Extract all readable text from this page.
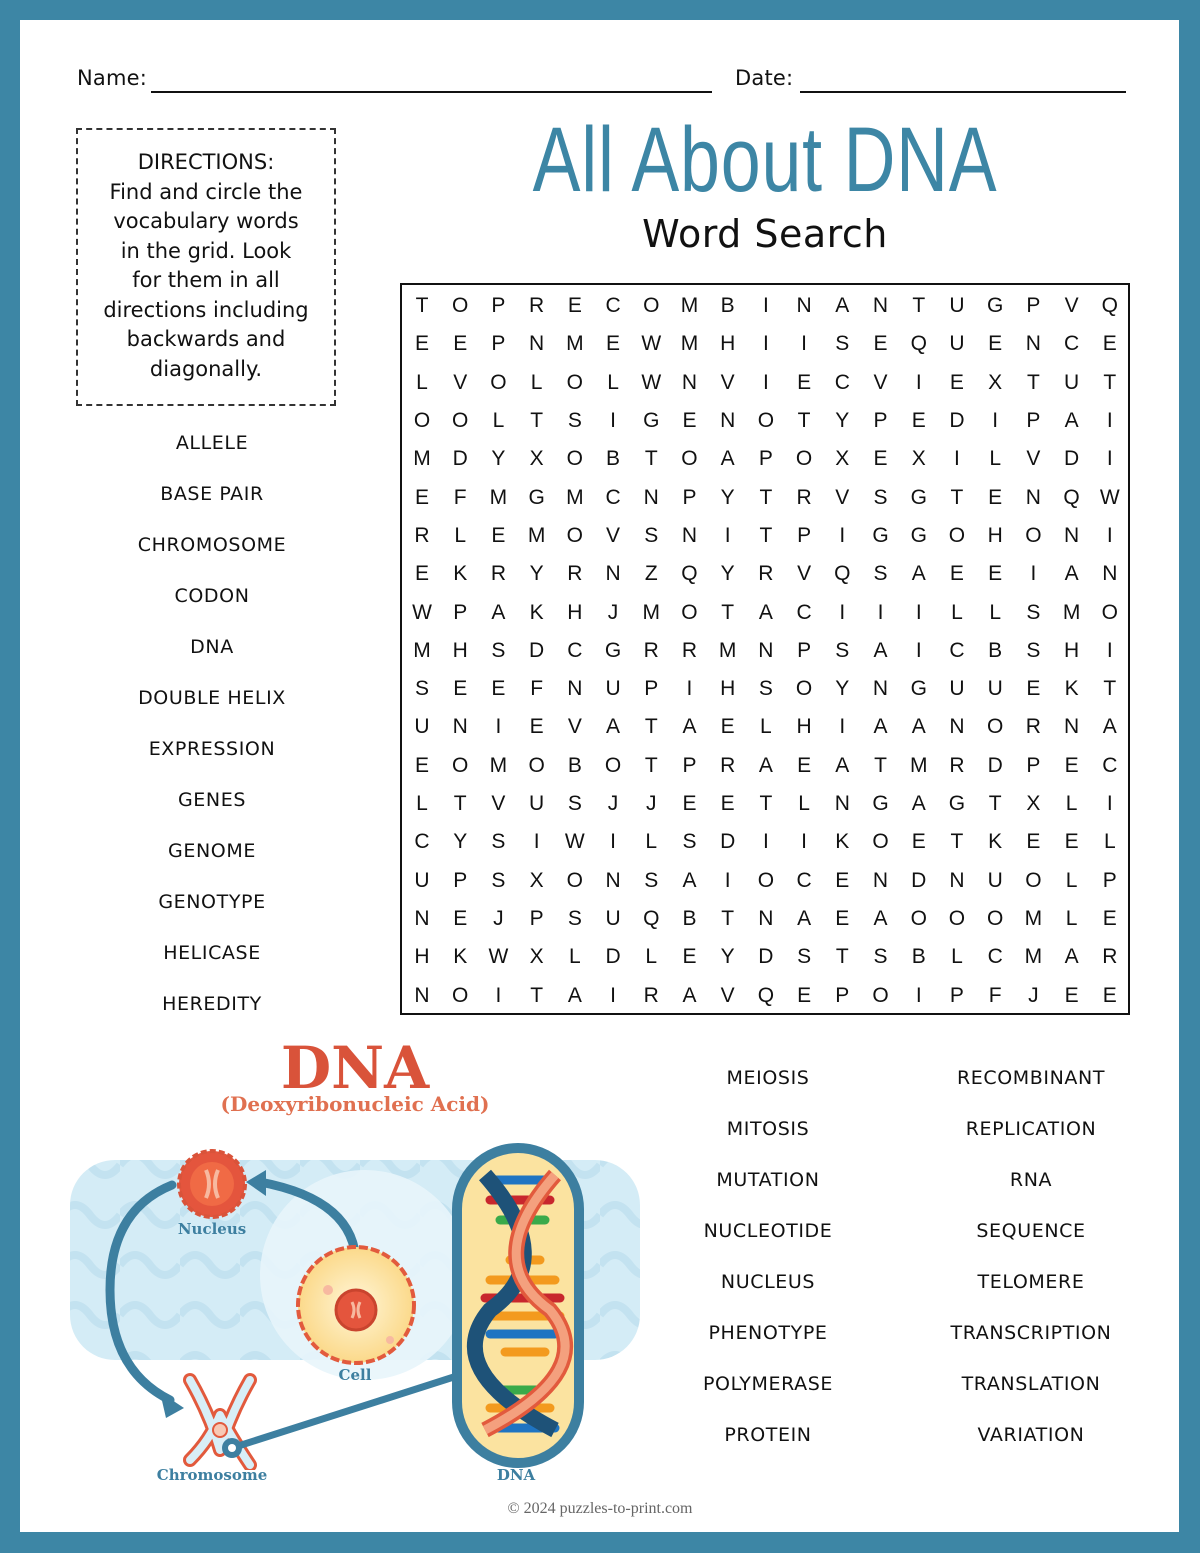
Name:	Date:
DIRECTIONS:
Find and circle the
vocabulary words
in the grid. Look
for them in all
directions including
backwards and
diagonally.
All About DNA
Word Search
T	O	P	R	E	C	O	M	B	I	N	A	N	T	U	G	P	V	Q
E	E	P	N	M	E	W M	H	I	I	S	E	Q	U	E	N	C	E
L	V	O	L	O	L	W N	V	I	E	C	V	I	E	X	T	U	T
O	O	L	T	S	I	G	E	N	O	T	Y	P	E	D	I	P	A	I
M	D	Y	X	O	B	T	O	A	P	O	X	E	X	I	L	V	D	I
E	F	M	G	M	C	N	P	Y	T	R	V	S	G	T	E	N	Q W
R	L	E	M	O	V	S	N	I	T	P	I	G	G	O	H	O	N	I
E	K	R	Y	R	N	Z	Q	Y	R	V	Q	S	A	E	E	I	A	N
W	P	A	K	H	J	M	O	T	A	C	I	I	I	L	L	S	M	O
M	H	S	D	C	G	R	R	M	N	P	S	A	I	C	B	S	H	I
S	E	E	F	N	U	P	I	H	S	O	Y	N	G	U	U	E	K	T
U	N	I	E	V	A	T	A	E	L	H	I	A	A	N	O	R	N	A
E	O	M	O	B	O	T	P	R	A	E	A	T	M	R	D	P	E	C
L	T	V	U	S	J	J	E	E	T	L	N	G	A	G	T	X	L	I
C	Y	S	I	W	I	L	S	D	I	I	K	O	E	T	K	E	E	L
U	P	S	X	O	N	S	A	I	O	C	E	N	D	N	U	O	L	P
N	E	J	P	S	U	Q	B	T	N	A	E	A	O	O	O	M	L	E
H	K	W	X	L	D	L	E	Y	D	S	T	S	B	L	C	M	A	R
N	O	I	T	A	I	R	A	V	Q	E	P	O	I	P	F	J	E	E
ALLELE
BASE PAIR
CHROMOSOME
CODON
DNA
DOUBLE HELIX
EXPRESSION
GENES
GENOME
GENOTYPE
HELICASE
HEREDITY
MEIOSIS
MITOSIS
MUTATION
NUCLEOTIDE
NUCLEUS
PHENOTYPE
POLYMERASE
PROTEIN
RECOMBINANT
REPLICATION
RNA
SEQUENCE
TELOMERE
TRANSCRIPTION
TRANSLATION
VARIATION
DNA
(Deoxyribonucleic Acid)
Nucleus
Cell
Chromosome	DNA
© 2024 puzzles-to-print.com
